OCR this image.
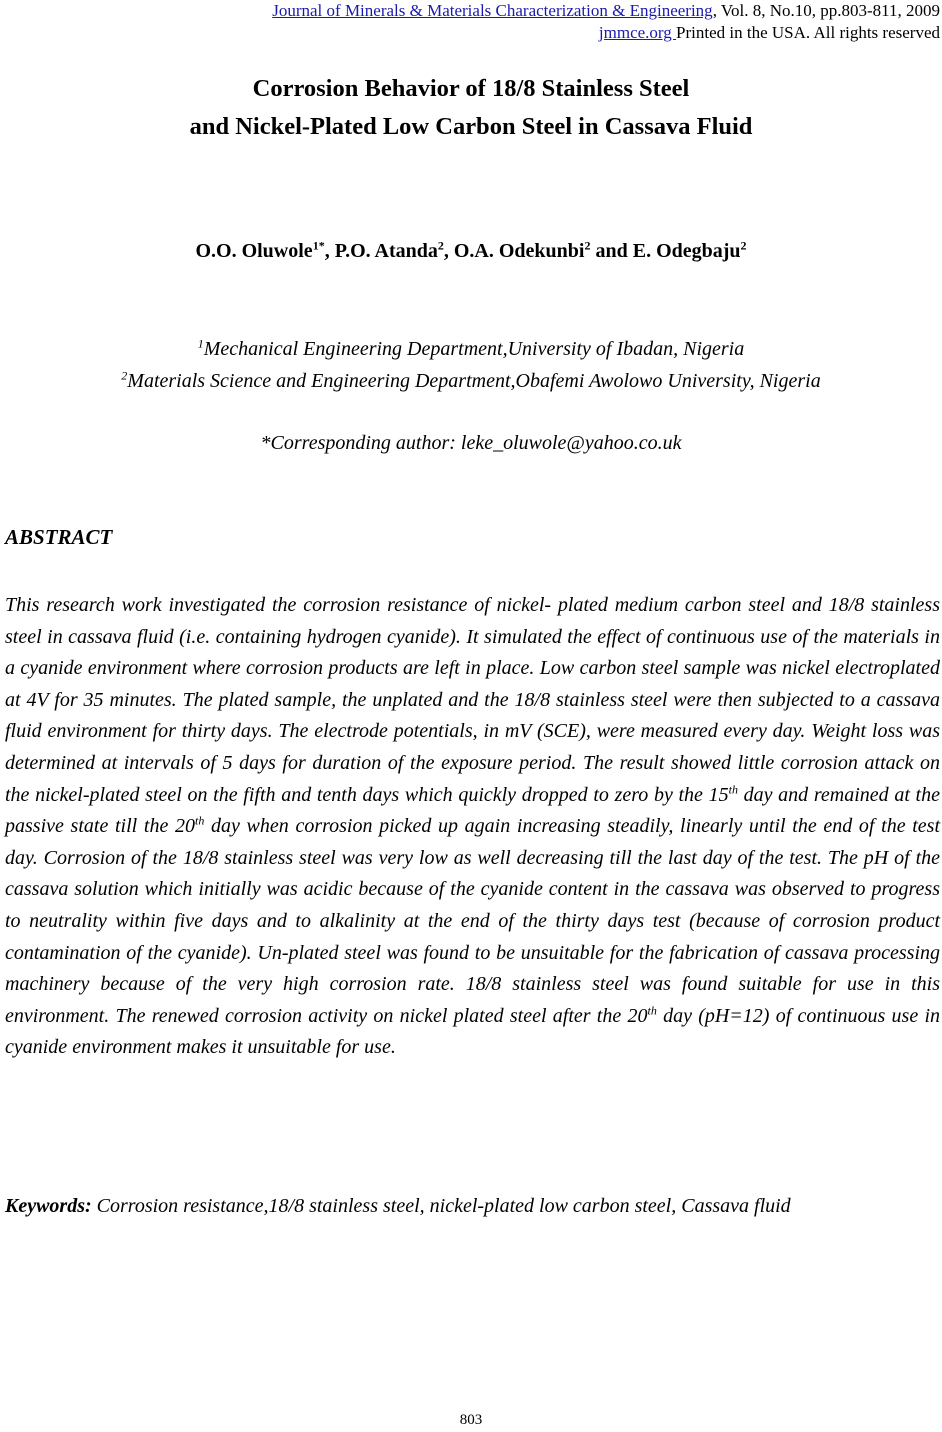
Journal of Minerals & Materials Characterization & Engineering, Vol. 8, No.10, pp.803-811, 2009
jmmce.org Printed in the USA. All rights reserved
Corrosion Behavior of 18/8 Stainless Steel
and Nickel-Plated Low Carbon Steel in Cassava Fluid
O.O. Oluwole$^{1*}$, P.O. Atanda$^2$, O.A. Odekunbi$^2$ and E. Odegbaju$^2$
$^1$Mechanical Engineering Department,University of Ibadan, Nigeria
$^2$Materials Science and Engineering Department,Obafemi Awolowo University, Nigeria
*Corresponding author: leke_oluwole@yahoo.co.uk
ABSTRACT

This research work investigated the corrosion resistance of nickel- plated medium carbon steel and 18/8 stainless steel in cassava fluid (i.e. containing hydrogen cyanide). It simulated the effect of continuous use of the materials in a cyanide environment where corrosion products are left in place. Low carbon steel sample was nickel electroplated at 4V for 35 minutes. The plated sample, the unplated and the 18/8 stainless steel were then subjected to a cassava fluid environment for thirty days. The electrode potentials, in mV (SCE), were measured every day. Weight loss was determined at intervals of 5 days for duration of the exposure period. The result showed little corrosion attack on the nickel-plated steel on the fifth and tenth days which quickly dropped to zero by the 15th day and remained at the passive state till the 20th day when corrosion picked up again increasing steadily, linearly until the end of the test day. Corrosion of the 18/8 stainless steel was very low as well decreasing till the last day of the test. The pH of the cassava solution which initially was acidic because of the cyanide content in the cassava was observed to progress to neutrality within five days and to alkalinity at the end of the thirty days test (because of corrosion product contamination of the cyanide). Un-plated steel was found to be unsuitable for the fabrication of cassava processing machinery because of the very high corrosion rate. 18/8 stainless steel was found suitable for use in this environment. The renewed corrosion activity on nickel plated steel after the 20th day (pH=12) of continuous use in cyanide environment makes it unsuitable for use.

Keywords: Corrosion resistance,18/8 stainless steel, nickel-plated low carbon steel, Cassava fluid

803
